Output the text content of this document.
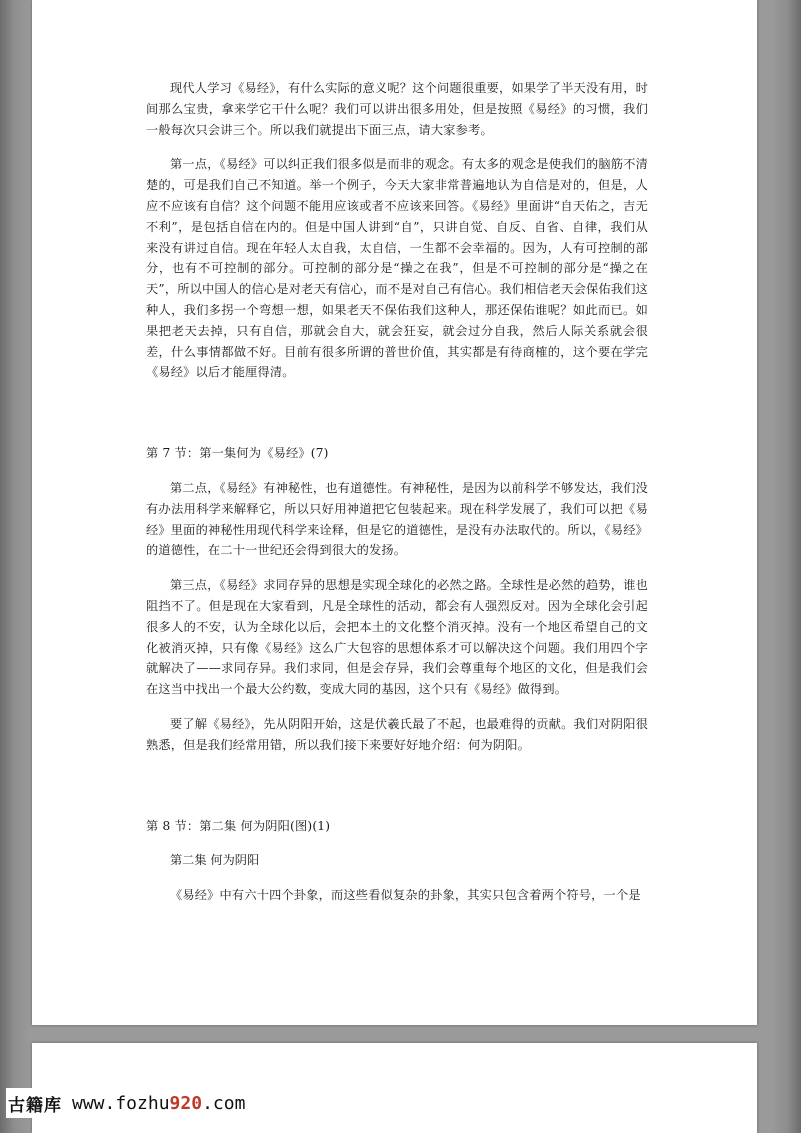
现代人学习《易经》，有什么实际的意义呢？这个问题很重要，如果学了半天没有用，时间那么宝贵，拿来学它干什么呢？我们可以讲出很多用处，但是按照《易经》的习惯，我们一般每次只会讲三个。所以我们就提出下面三点，请大家参考。

第一点，《易经》可以纠正我们很多似是而非的观念。有太多的观念是使我们的脑筋不清楚的，可是我们自己不知道。举一个例子，今天大家非常普遍地认为自信是对的，但是，人应不应该有自信？这个问题不能用应该或者不应该来回答。《易经》里面讲“自天佑之，吉无不利”，是包括自信在内的。但是中国人讲到“自”，只讲自觉、自反、自省、自律，我们从来没有讲过自信。现在年轻人太自我，太自信，一生都不会幸福的。因为，人有可控制的部分，也有不可控制的部分。可控制的部分是“操之在我”，但是不可控制的部分是“操之在天”，所以中国人的信心是对老天有信心，而不是对自己有信心。我们相信老天会保佑我们这种人，我们多拐一个弯想一想，如果老天不保佑我们这种人，那还保佑谁呢？如此而已。如果把老天去掉，只有自信，那就会自大，就会狂妄，就会过分自我，然后人际关系就会很差，什么事情都做不好。目前有很多所谓的普世价值，其实都是有待商榷的，这个要在学完《易经》以后才能厘得清。

第 7 节：第一集何为《易经》(7)

第二点，《易经》有神秘性，也有道德性。有神秘性，是因为以前科学不够发达，我们没有办法用科学来解释它，所以只好用神道把它包装起来。现在科学发展了，我们可以把《易经》里面的神秘性用现代科学来诠释，但是它的道德性，是没有办法取代的。所以，《易经》的道德性，在二十一世纪还会得到很大的发扬。

第三点，《易经》求同存异的思想是实现全球化的必然之路。全球性是必然的趋势，谁也阻挡不了。但是现在大家看到，凡是全球性的活动，都会有人强烈反对。因为全球化会引起很多人的不安，认为全球化以后，会把本土的文化整个消灭掉。没有一个地区希望自己的文化被消灭掉，只有像《易经》这么广大包容的思想体系才可以解决这个问题。我们用四个字就解决了——求同存异。我们求同，但是会存异，我们会尊重每个地区的文化，但是我们会在这当中找出一个最大公约数，变成大同的基因，这个只有《易经》做得到。

要了解《易经》，先从阴阳开始，这是伏羲氏最了不起，也最难得的贡献。我们对阴阳很熟悉，但是我们经常用错，所以我们接下来要好好地介绍：何为阴阳。

第 8 节：第二集 何为阴阳(图)(1)

第二集 何为阴阳

《易经》中有六十四个卦象，而这些看似复杂的卦象，其实只包含着两个符号，一个是

古籍库 www.fozhu920.com
